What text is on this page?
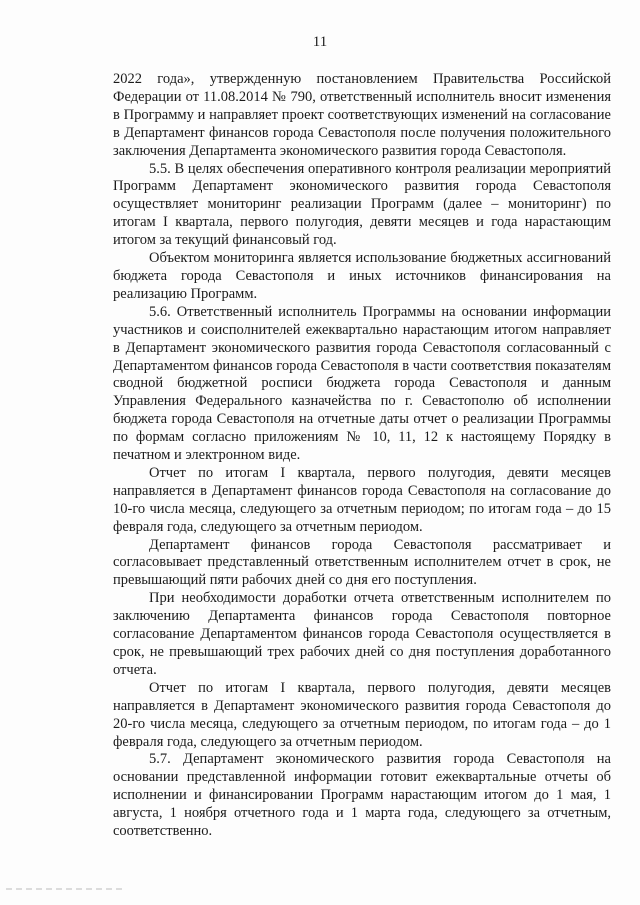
11

2022 года», утвержденную постановлением Правительства Российской Федерации от 11.08.2014 № 790, ответственный исполнитель вносит изменения в Программу и направляет проект соответствующих изменений на согласование в Департамент финансов города Севастополя после получения положительного заключения Департамента экономического развития города Севастополя.

5.5. В целях обеспечения оперативного контроля реализации мероприятий Программ Департамент экономического развития города Севастополя осуществляет мониторинг реализации Программ (далее – мониторинг) по итогам I квартала, первого полугодия, девяти месяцев и года нарастающим итогом за текущий финансовый год.

Объектом мониторинга является использование бюджетных ассигнований бюджета города Севастополя и иных источников финансирования на реализацию Программ.

5.6. Ответственный исполнитель Программы на основании информации участников и соисполнителей ежеквартально нарастающим итогом направляет в Департамент экономического развития города Севастополя согласованный с Департаментом финансов города Севастополя в части соответствия показателям сводной бюджетной росписи бюджета города Севастополя и данным Управления Федерального казначейства по г. Севастополю об исполнении бюджета города Севастополя на отчетные даты отчет о реализации Программы по формам согласно приложениям № 10, 11, 12 к настоящему Порядку в печатном и электронном виде.

Отчет по итогам I квартала, первого полугодия, девяти месяцев направляется в Департамент финансов города Севастополя на согласование до 10-го числа месяца, следующего за отчетным периодом; по итогам года – до 15 февраля года, следующего за отчетным периодом.

Департамент финансов города Севастополя рассматривает и согласовывает представленный ответственным исполнителем отчет в срок, не превышающий пяти рабочих дней со дня его поступления.

При необходимости доработки отчета ответственным исполнителем по заключению Департамента финансов города Севастополя повторное согласование Департаментом финансов города Севастополя осуществляется в срок, не превышающий трех рабочих дней со дня поступления доработанного отчета.

Отчет по итогам I квартала, первого полугодия, девяти месяцев направляется в Департамент экономического развития города Севастополя до 20-го числа месяца, следующего за отчетным периодом, по итогам года – до 1 февраля года, следующего за отчетным периодом.

5.7. Департамент экономического развития города Севастополя на основании представленной информации готовит ежеквартальные отчеты об исполнении и финансировании Программ нарастающим итогом до 1 мая, 1 августа, 1 ноября отчетного года и 1 марта года, следующего за отчетным, соответственно.
